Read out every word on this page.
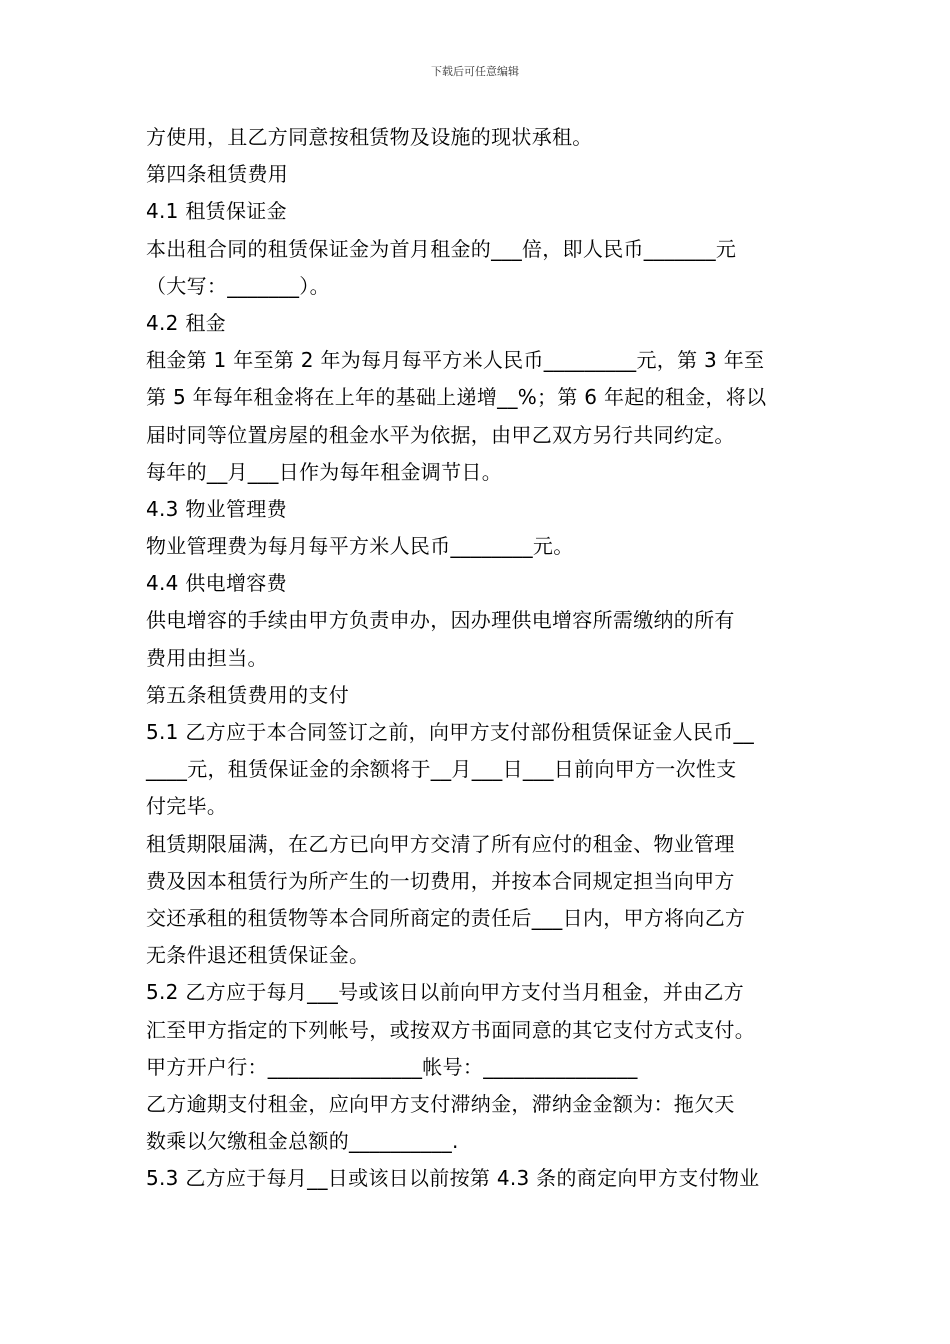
下载后可任意编辑
方使用，且乙方同意按租赁物及设施的现状承租。
第四条租赁费用
4.1 租赁保证金
本出租合同的租赁保证金为首月租金的___倍，即人民币_______元
（大写：_______）。
4.2 租金
租金第 1 年至第 2 年为每月每平方米人民币_________元，第 3 年至
第 5 年每年租金将在上年的基础上递增__%；第 6 年起的租金，将以
届时同等位置房屋的租金水平为依据，由甲乙双方另行共同约定。
每年的__月___日作为每年租金调节日。
4.3 物业管理费
物业管理费为每月每平方米人民币________元。
4.4 供电增容费
供电增容的手续由甲方负责申办，因办理供电增容所需缴纳的所有
费用由担当。
第五条租赁费用的支付
5.1 乙方应于本合同签订之前，向甲方支付部份租赁保证金人民币__
____元，租赁保证金的余额将于__月___日___日前向甲方一次性支
付完毕。
租赁期限届满，在乙方已向甲方交清了所有应付的租金、物业管理
费及因本租赁行为所产生的一切费用，并按本合同规定担当向甲方
交还承租的租赁物等本合同所商定的责任后___日内，甲方将向乙方
无条件退还租赁保证金。
5.2 乙方应于每月___号或该日以前向甲方支付当月租金，并由乙方
汇至甲方指定的下列帐号，或按双方书面同意的其它支付方式支付。
甲方开户行：_______________帐号：_______________
乙方逾期支付租金，应向甲方支付滞纳金，滞纳金金额为：拖欠天
数乘以欠缴租金总额的__________.
5.3 乙方应于每月__日或该日以前按第 4.3 条的商定向甲方支付物业
